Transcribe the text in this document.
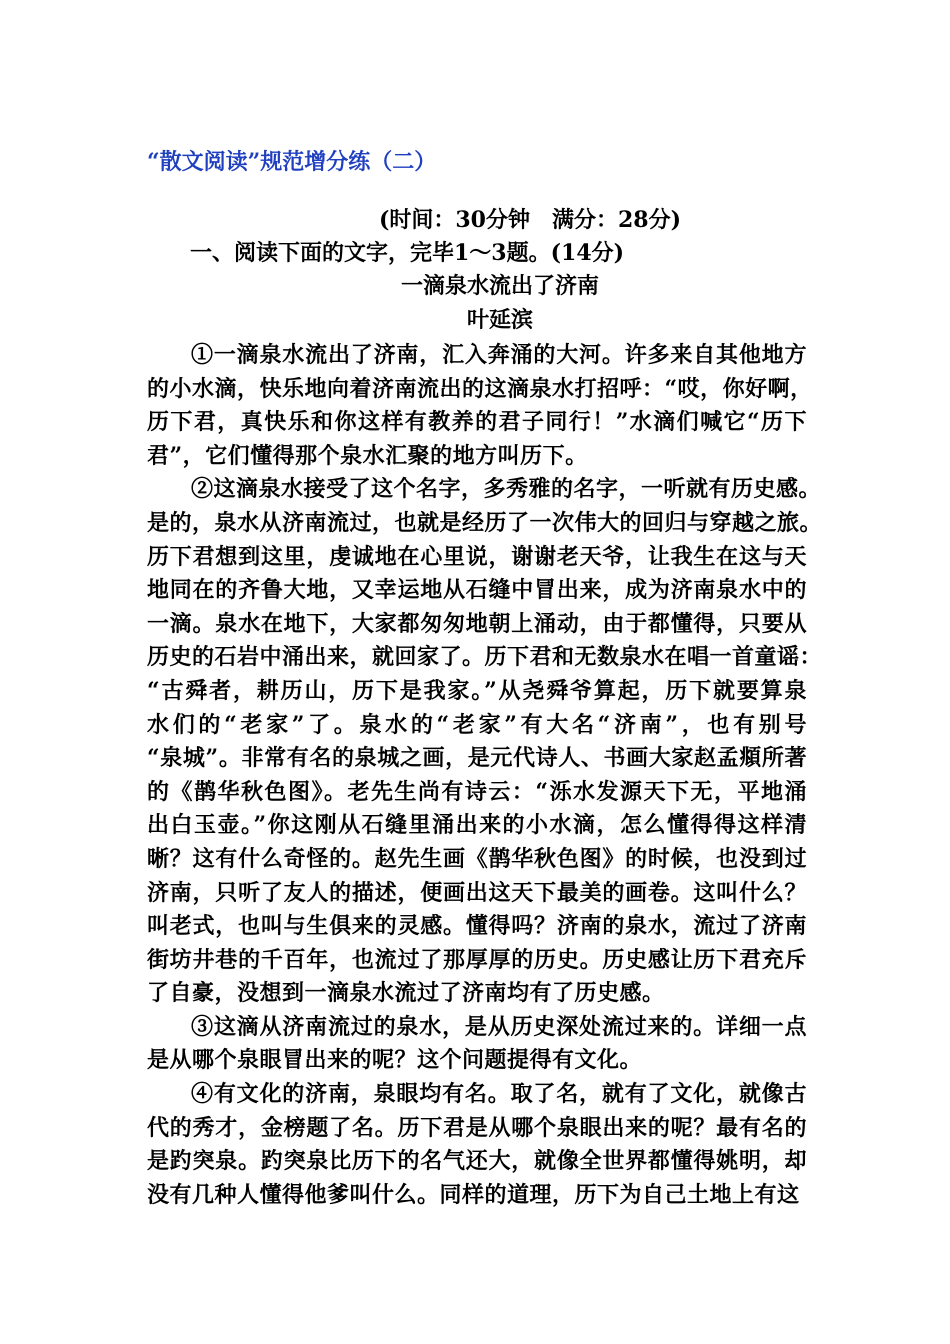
“散文阅读”规范增分练（二）
(时间：30分钟　满分：28分)
一、阅读下面的文字，完毕1～3题。(14分)
一滴泉水流出了济南
叶延滨
①一滴泉水流出了济南，汇入奔涌的大河。许多来自其他地方
的小水滴，快乐地向着济南流出的这滴泉水打招呼：“哎，你好啊，
历下君，真快乐和你这样有教养的君子同行！”水滴们喊它“历下
君”，它们懂得那个泉水汇聚的地方叫历下。
②这滴泉水接受了这个名字，多秀雅的名字，一听就有历史感。
是的，泉水从济南流过，也就是经历了一次伟大的回归与穿越之旅。
历下君想到这里，虔诚地在心里说，谢谢老天爷，让我生在这与天
地同在的齐鲁大地，又幸运地从石缝中冒出来，成为济南泉水中的
一滴。泉水在地下，大家都匆匆地朝上涌动，由于都懂得，只要从
历史的石岩中涌出来，就回家了。历下君和无数泉水在唱一首童谣：
“古舜者，耕历山，历下是我家。”从尧舜爷算起，历下就要算泉
水们的“老家”了。泉水的“老家”有大名“济南”，也有别号
“泉城”。非常有名的泉城之画，是元代诗人、书画大家赵孟頫所著
的《鹊华秋色图》。老先生尚有诗云：“泺水发源天下无，平地涌
出白玉壶。”你这刚从石缝里涌出来的小水滴，怎么懂得得这样清
晰？这有什么奇怪的。赵先生画《鹊华秋色图》的时候，也没到过
济南，只听了友人的描述，便画出这天下最美的画卷。这叫什么？
叫老式，也叫与生俱来的灵感。懂得吗？济南的泉水，流过了济南
街坊井巷的千百年，也流过了那厚厚的历史。历史感让历下君充斥
了自豪，没想到一滴泉水流过了济南均有了历史感。
③这滴从济南流过的泉水，是从历史深处流过来的。详细一点
是从哪个泉眼冒出来的呢？这个问题提得有文化。
④有文化的济南，泉眼均有名。取了名，就有了文化，就像古
代的秀才，金榜题了名。历下君是从哪个泉眼出来的呢？最有名的
是趵突泉。趵突泉比历下的名气还大，就像全世界都懂得姚明，却
没有几种人懂得他爹叫什么。同样的道理，历下为自己土地上有这
